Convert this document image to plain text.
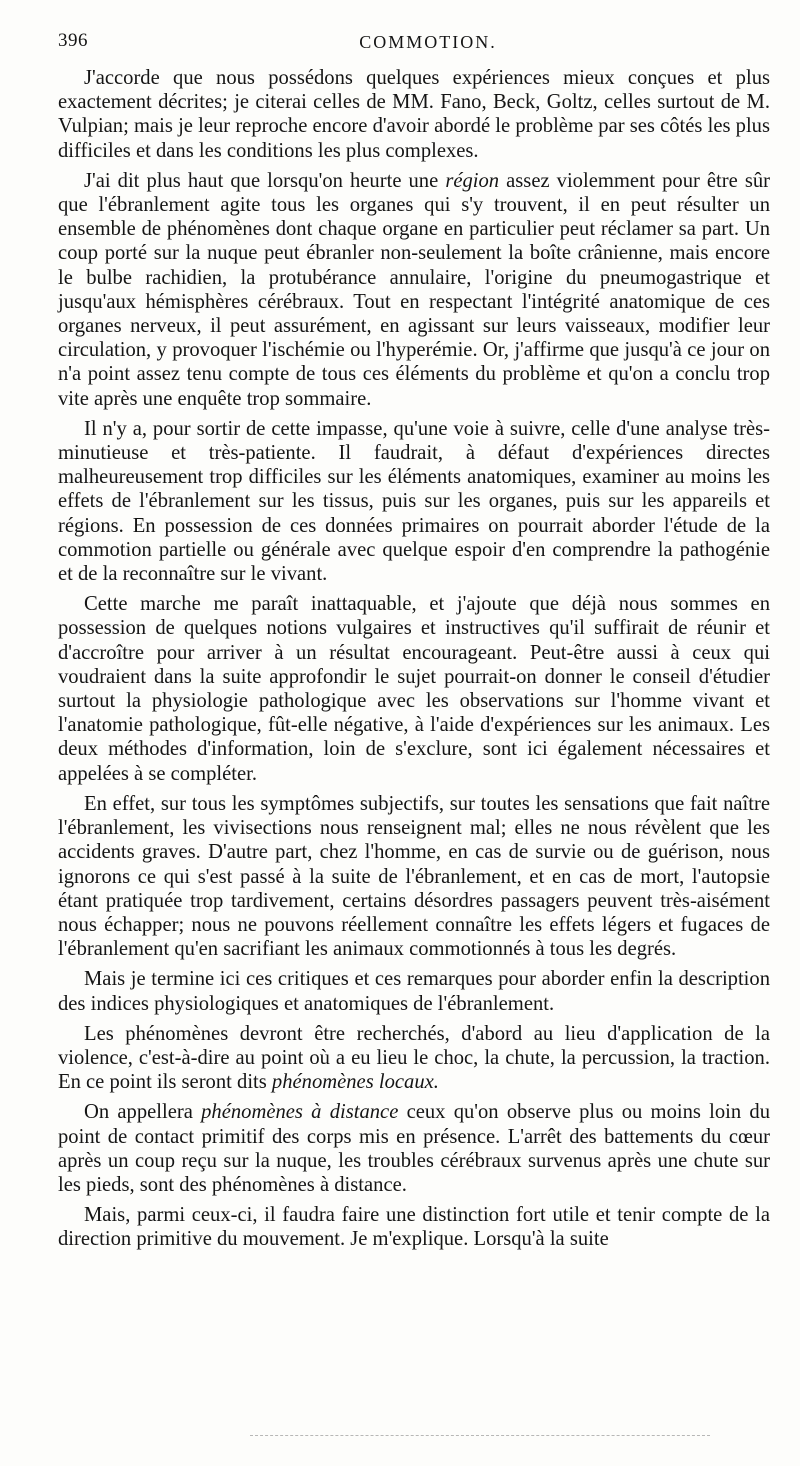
396	COMMOTION.

J'accorde que nous possédons quelques expériences mieux conçues et plus exactement décrites; je citerai celles de MM. Fano, Beck, Goltz, celles surtout de M. Vulpian; mais je leur reproche encore d'avoir abordé le problème par ses côtés les plus difficiles et dans les conditions les plus complexes.

J'ai dit plus haut que lorsqu'on heurte une région assez violemment pour être sûr que l'ébranlement agite tous les organes qui s'y trouvent, il en peut résulter un ensemble de phénomènes dont chaque organe en particulier peut réclamer sa part. Un coup porté sur la nuque peut ébranler non-seulement la boîte crânienne, mais encore le bulbe rachidien, la protubérance annulaire, l'origine du pneumogastrique et jusqu'aux hémisphères cérébraux. Tout en respectant l'intégrité anatomique de ces organes nerveux, il peut assurément, en agissant sur leurs vaisseaux, modifier leur circulation, y provoquer l'ischémie ou l'hyperémie. Or, j'affirme que jusqu'à ce jour on n'a point assez tenu compte de tous ces éléments du problème et qu'on a conclu trop vite après une enquête trop sommaire.

Il n'y a, pour sortir de cette impasse, qu'une voie à suivre, celle d'une analyse très-minutieuse et très-patiente. Il faudrait, à défaut d'expériences directes malheureusement trop difficiles sur les éléments anatomiques, examiner au moins les effets de l'ébranlement sur les tissus, puis sur les organes, puis sur les appareils et régions. En possession de ces données primaires on pourrait aborder l'étude de la commotion partielle ou générale avec quelque espoir d'en comprendre la pathogénie et de la reconnaître sur le vivant.

Cette marche me paraît inattaquable, et j'ajoute que déjà nous sommes en possession de quelques notions vulgaires et instructives qu'il suffirait de réunir et d'accroître pour arriver à un résultat encourageant. Peut-être aussi à ceux qui voudraient dans la suite approfondir le sujet pourrait-on donner le conseil d'étudier surtout la physiologie pathologique avec les observations sur l'homme vivant et l'anatomie pathologique, fût-elle négative, à l'aide d'expériences sur les animaux. Les deux méthodes d'information, loin de s'exclure, sont ici également nécessaires et appelées à se compléter.

En effet, sur tous les symptômes subjectifs, sur toutes les sensations que fait naître l'ébranlement, les vivisections nous renseignent mal; elles ne nous révèlent que les accidents graves. D'autre part, chez l'homme, en cas de survie ou de guérison, nous ignorons ce qui s'est passé à la suite de l'ébranlement, et en cas de mort, l'autopsie étant pratiquée trop tardivement, certains désordres passagers peuvent très-aisément nous échapper; nous ne pouvons réellement connaître les effets légers et fugaces de l'ébranlement qu'en sacrifiant les animaux commotionnés à tous les degrés.

Mais je termine ici ces critiques et ces remarques pour aborder enfin la description des indices physiologiques et anatomiques de l'ébranlement.

Les phénomènes devront être recherchés, d'abord au lieu d'application de la violence, c'est-à-dire au point où a eu lieu le choc, la chute, la percussion, la traction. En ce point ils seront dits phénomènes locaux.

On appellera phénomènes à distance ceux qu'on observe plus ou moins loin du point de contact primitif des corps mis en présence. L'arrêt des battements du cœur après un coup reçu sur la nuque, les troubles cérébraux survenus après une chute sur les pieds, sont des phénomènes à distance.

Mais, parmi ceux-ci, il faudra faire une distinction fort utile et tenir compte de la direction primitive du mouvement. Je m'explique. Lorsqu'à la suite
